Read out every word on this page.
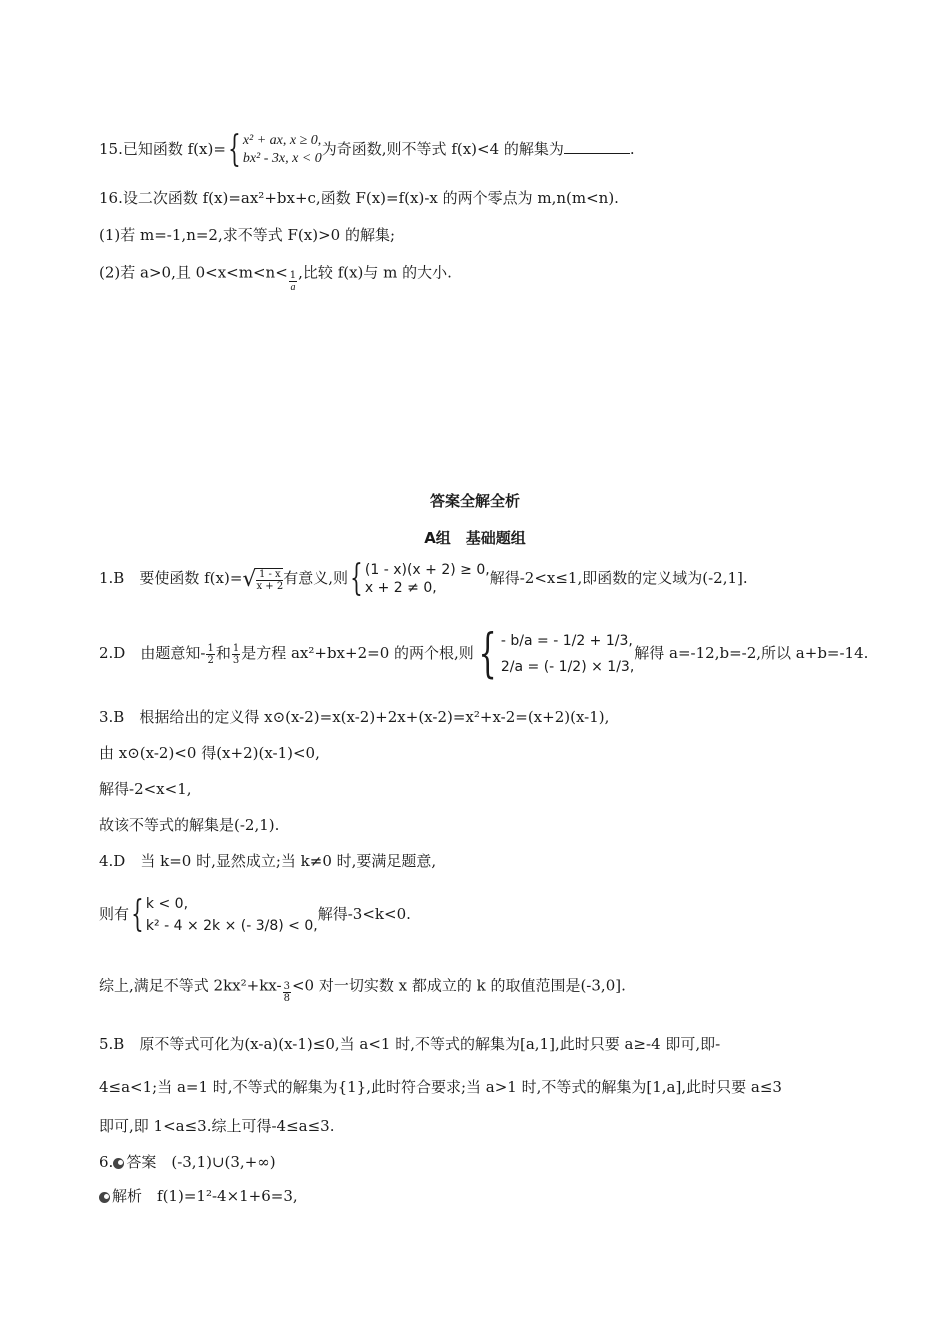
15.已知函数 f(x)={ x² + ax, x ≥ 0,
bx² - 3x, x < 0
为奇函数,则不等式 f(x)<4 的解集为	.
16.设二次函数 f(x)=ax²+bx+c,函数 F(x)=f(x)-x 的两个零点为 m,n(m<n).
(1)若 m=-1,n=2,求不等式 F(x)>0 的解集;
(2)若 a>0,且 $0<x<m<n< \frac{1}{a}$ ,比较 f(x)与 m 的大小.
答案全解全析
A组　基础题组
1.B　 要使函数 $f(x)=√ \frac{1 - x}{x + 2}$ 有意义,则{ (1 - x)(x + 2) ≥ 0,
x + 2 ≠ 0,
解得-2<x≤1,即函数的定义域为(-2,1].
2.D　 由题意知- $\frac{1}{2}$ 和 $\frac{1}{3}$ 是方程 ax²+bx+2=0 的两个根,则{ - b/a = - 1/2 + 1/3,
2/a = (- 1/2) × 1/3,
解得 a=-12,b=-2,所以 a+b=-14.
3.B　根据给出的定义得 x⊙(x-2)=x(x-2)+2x+(x-2)=x²+x-2=(x+2)(x-1),
由 x⊙(x-2)<0 得(x+2)(x-1)<0,
解得-2<x<1,
故该不等式的解集是(-2,1).
4.D　当 k=0 时,显然成立;当 k≠0 时,要满足题意,
则有{ k < 0,
k² - 4 × 2k × (- 3/8) < 0,
解得-3<k<0.
综上,满足不等式 $2kx^2+kx- \frac{3}{8} <0$ 对一切实数 x 都成立的 k 的取值范围是(-3,0].
5.B　原不等式可化为(x-a)(x-1)≤0,当 a<1 时,不等式的解集为[a,1],此时只要 a≥-4 即可,即-
4≤a<1;当 a=1 时,不等式的解集为{1},此时符合要求;当 a>1 时,不等式的解集为[1,a],此时只要 a≤3
即可,即 1<a≤3.综上可得-4≤a≤3.
6. 答案　 (-3,1)∪(3,+∞)
解析　 f(1)=1²-4×1+6=3,
